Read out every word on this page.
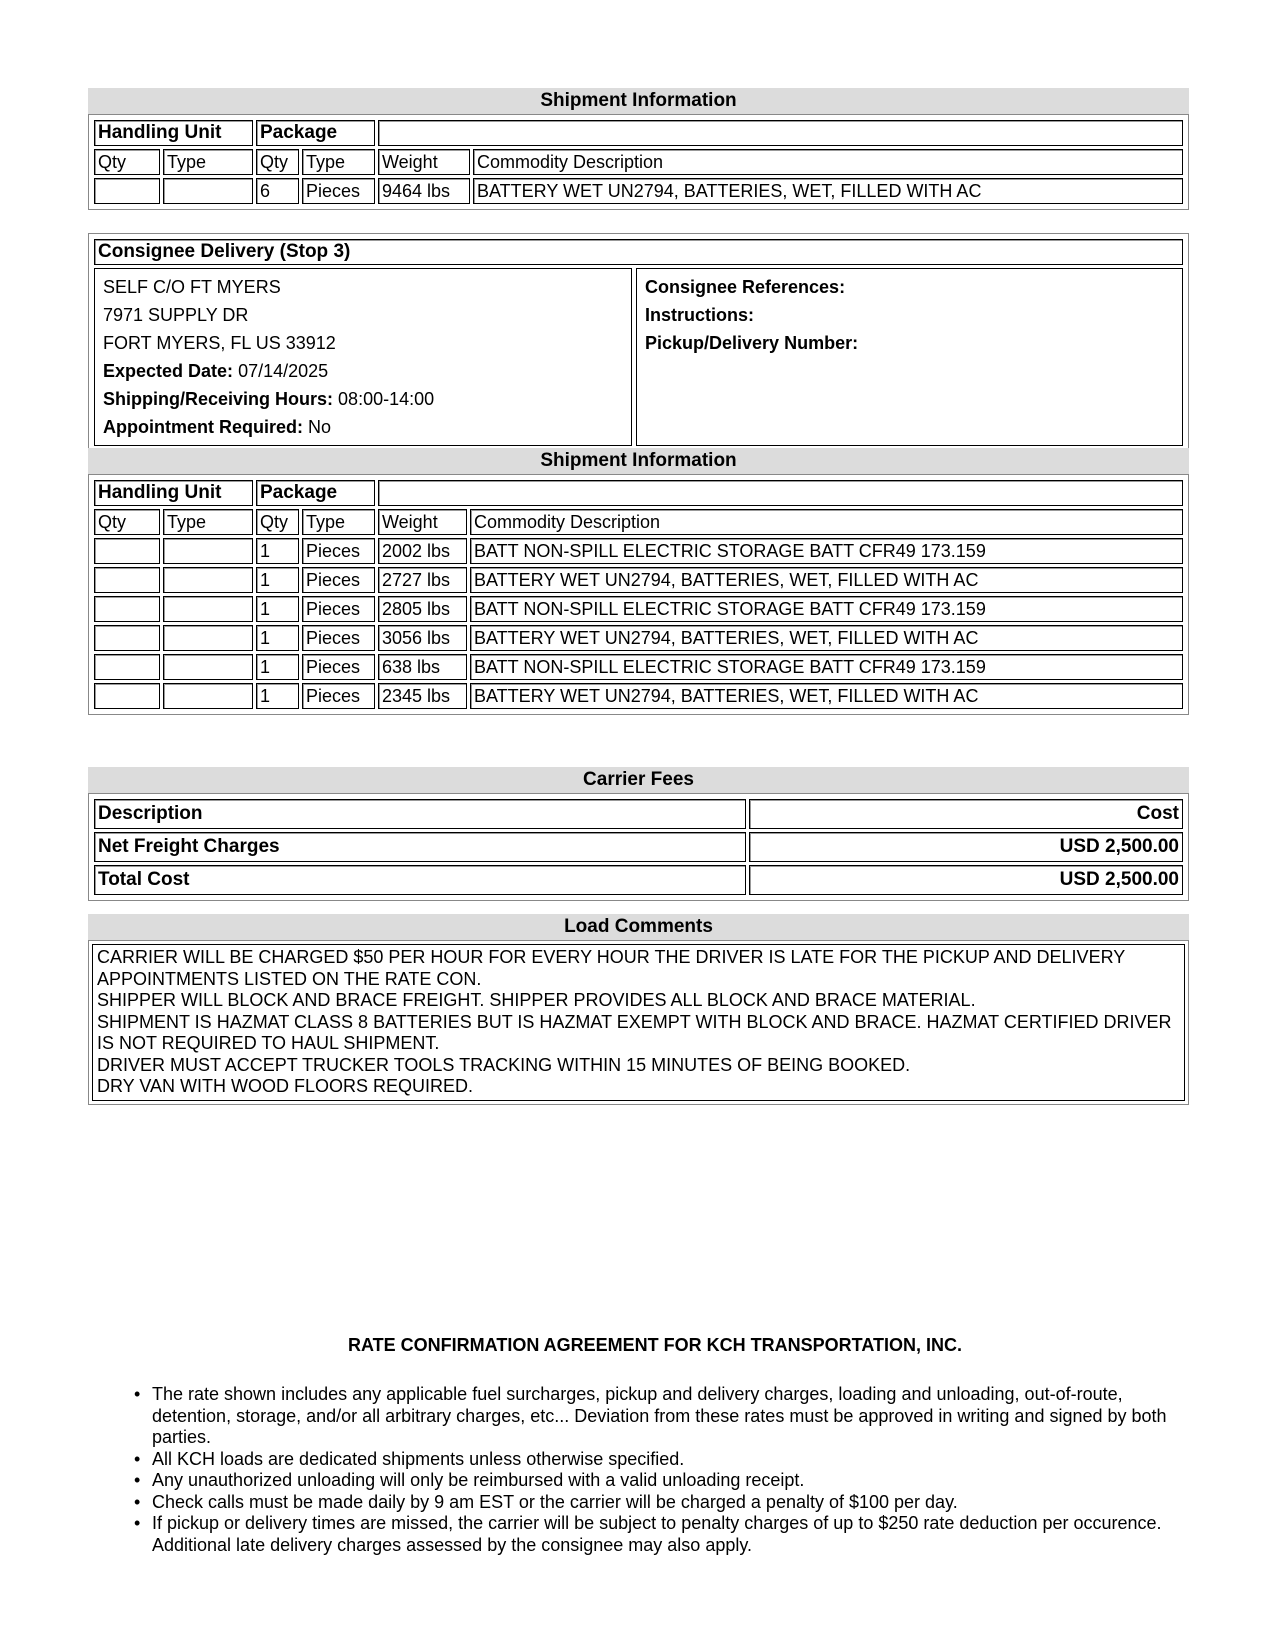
Shipment Information
Handling Unit		Package			
Qty	Type	Qty	Type	Weight	Commodity Description
		6	Pieces	9464 lbs	BATTERY WET UN2794, BATTERIES, WET, FILLED WITH AC
Consignee Delivery (Stop 3)
SELF C/O FT MYERS
7971 SUPPLY DR
FORT MYERS, FL US 33912
Expected Date: 07/14/2025
Shipping/Receiving Hours: 08:00-14:00
Appointment Required: No
Consignee References:
Instructions:
Pickup/Delivery Number:
Shipment Information
Handling Unit		Package			
Qty	Type	Qty	Type	Weight	Commodity Description
		1	Pieces	2002 lbs	BATT NON-SPILL ELECTRIC STORAGE BATT CFR49 173.159
		1	Pieces	2727 lbs	BATTERY WET UN2794, BATTERIES, WET, FILLED WITH AC
		1	Pieces	2805 lbs	BATT NON-SPILL ELECTRIC STORAGE BATT CFR49 173.159
		1	Pieces	3056 lbs	BATTERY WET UN2794, BATTERIES, WET, FILLED WITH AC
		1	Pieces	638 lbs	BATT NON-SPILL ELECTRIC STORAGE BATT CFR49 173.159
		1	Pieces	2345 lbs	BATTERY WET UN2794, BATTERIES, WET, FILLED WITH AC
Carrier Fees
Description	Cost
Net Freight Charges	USD 2,500.00
Total Cost	USD 2,500.00
Load Comments
CARRIER WILL BE CHARGED $50 PER HOUR FOR EVERY HOUR THE DRIVER IS LATE FOR THE PICKUP AND DELIVERY APPOINTMENTS LISTED ON THE RATE CON.
SHIPPER WILL BLOCK AND BRACE FREIGHT. SHIPPER PROVIDES ALL BLOCK AND BRACE MATERIAL.
SHIPMENT IS HAZMAT CLASS 8 BATTERIES BUT IS HAZMAT EXEMPT WITH BLOCK AND BRACE. HAZMAT CERTIFIED DRIVER IS NOT REQUIRED TO HAUL SHIPMENT.
DRIVER MUST ACCEPT TRUCKER TOOLS TRACKING WITHIN 15 MINUTES OF BEING BOOKED.
DRY VAN WITH WOOD FLOORS REQUIRED.
RATE CONFIRMATION AGREEMENT FOR KCH TRANSPORTATION, INC.
• The rate shown includes any applicable fuel surcharges, pickup and delivery charges, loading and unloading, out-of-route, detention, storage, and/or all arbitrary charges, etc... Deviation from these rates must be approved in writing and signed by both parties.
• All KCH loads are dedicated shipments unless otherwise specified.
• Any unauthorized unloading will only be reimbursed with a valid unloading receipt.
• Check calls must be made daily by 9 am EST or the carrier will be charged a penalty of $100 per day.
• If pickup or delivery times are missed, the carrier will be subject to penalty charges of up to $250 rate deduction per occurence. Additional late delivery charges assessed by the consignee may also apply.
